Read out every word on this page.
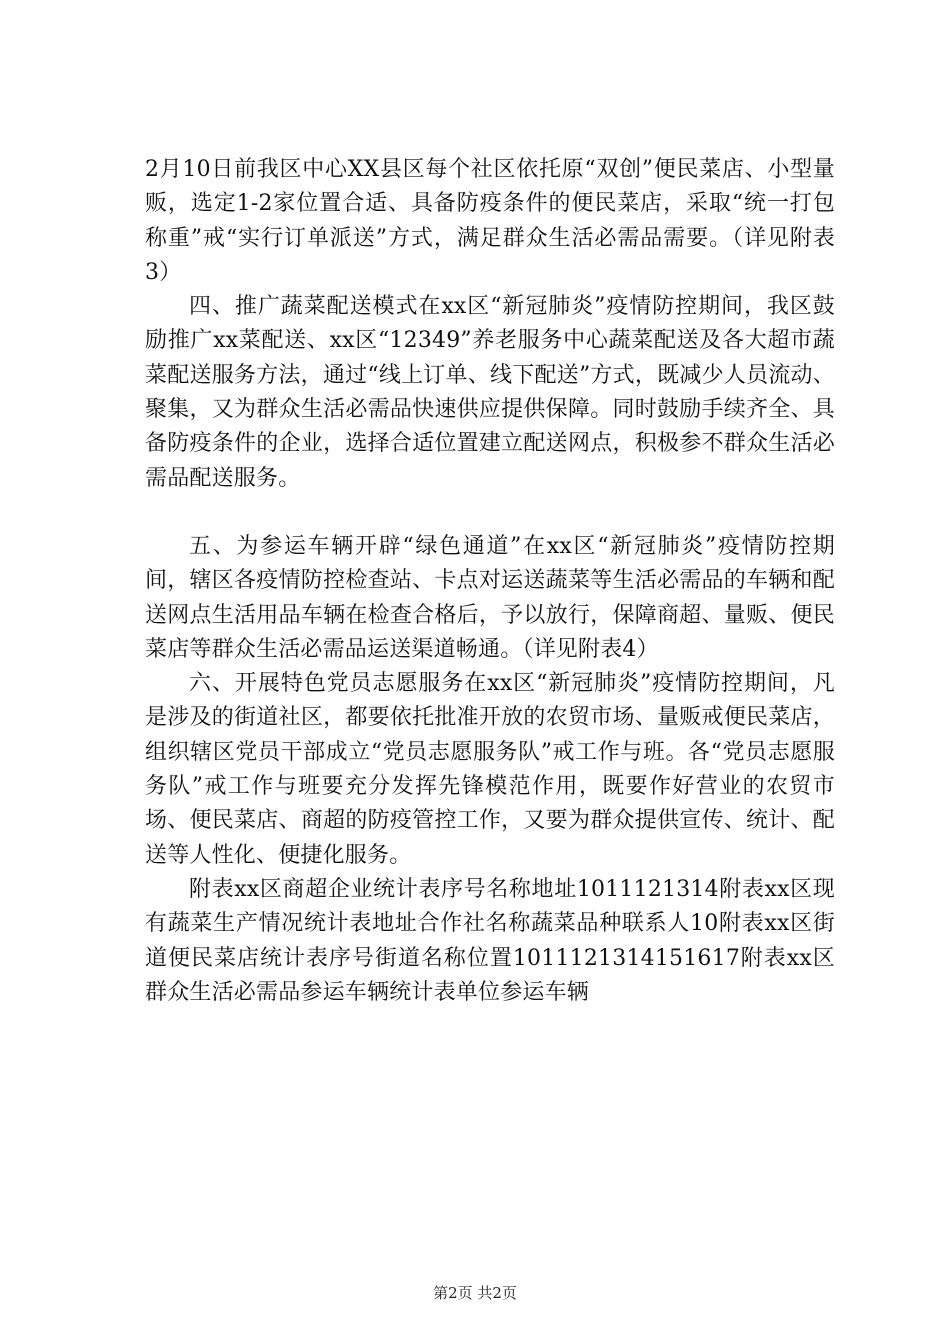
2月10日前我区中心XX县区每个社区依托原“双创”便民菜店、小型量贩，选定1-2家位置合适、具备防疫条件的便民菜店，采取“统一打包称重”戒“实行订单派送”方式，满足群众生活必需品需要。（详见附表3）

四、推广蔬菜配送模式在xx区“新冠肺炎”疫情防控期间，我区鼓励推广xx菜配送、xx区“12349”养老服务中心蔬菜配送及各大超市蔬菜配送服务方法，通过“线上订单、线下配送”方式，既减少人员流动、聚集，又为群众生活必需品快速供应提供保障。同时鼓励手续齐全、具备防疫条件的企业，选择合适位置建立配送网点，积极参不群众生活必需品配送服务。

五、为参运车辆开辟“绿色通道”在xx区“新冠肺炎”疫情防控期间，辖区各疫情防控检查站、卡点对运送蔬菜等生活必需品的车辆和配送网点生活用品车辆在检查合格后，予以放行，保障商超、量贩、便民菜店等群众生活必需品运送渠道畅通。（详见附表4）

六、开展特色党员志愿服务在xx区“新冠肺炎”疫情防控期间，凡是涉及的街道社区，都要依托批准开放的农贸市场、量贩戒便民菜店，组织辖区党员干部成立“党员志愿服务队”戒工作与班。各“党员志愿服务队”戒工作与班要充分发挥先锋模范作用，既要作好营业的农贸市场、便民菜店、商超的防疫管控工作，又要为群众提供宣传、统计、配送等人性化、便捷化服务。

附表xx区商超企业统计表序号名称地址1011121314附表xx区现有蔬菜生产情况统计表地址合作社名称蔬菜品种联系人10附表xx区街道便民菜店统计表序号街道名称位置1011121314151617附表xx区群众生活必需品参运车辆统计表单位参运车辆

第2页 共2页
